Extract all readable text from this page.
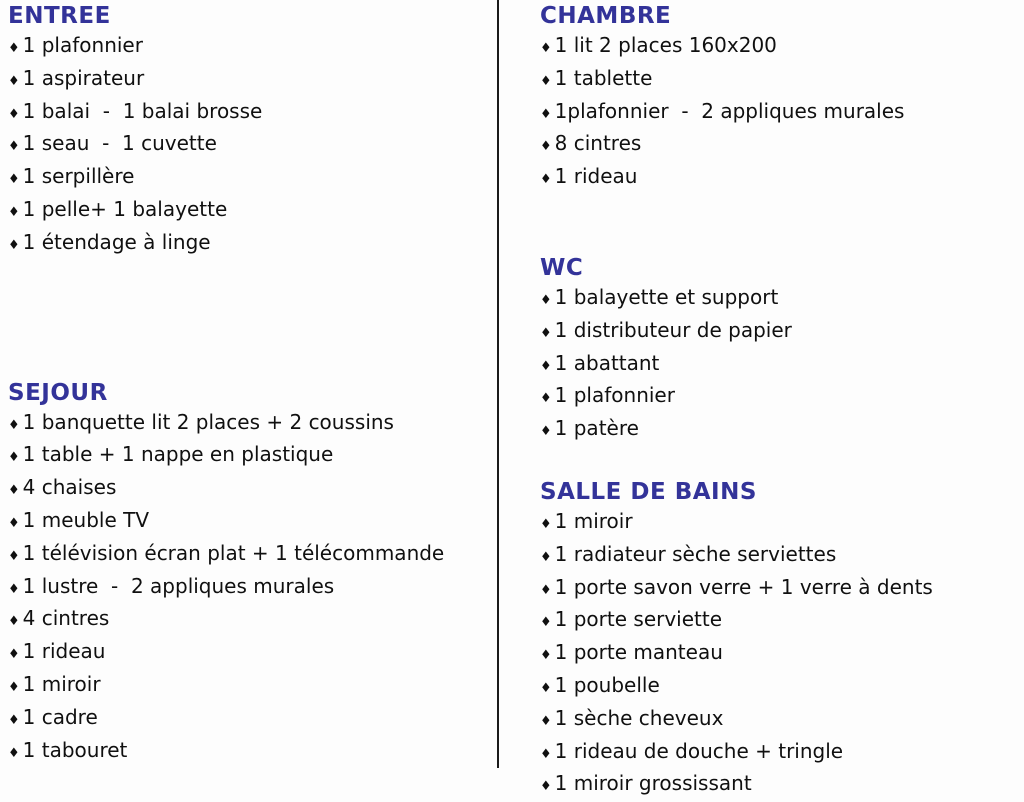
ENTREE
♦ 1 plafonnier
♦ 1 aspirateur
♦ 1 balai  -  1 balai brosse
♦ 1 seau  -  1 cuvette
♦ 1 serpillère
♦ 1 pelle+ 1 balayette
♦ 1 étendage à linge
SEJOUR
♦ 1 banquette lit 2 places + 2 coussins
♦ 1 table + 1 nappe en plastique
♦ 4 chaises
♦ 1 meuble TV
♦ 1 télévision écran plat + 1 télécommande
♦ 1 lustre  -  2 appliques murales
♦ 4 cintres
♦ 1 rideau
♦ 1 miroir
♦ 1 cadre
♦ 1 tabouret
CHAMBRE
♦ 1 lit 2 places 160x200
♦ 1 tablette
♦ 1plafonnier  -  2 appliques murales
♦ 8 cintres
♦ 1 rideau
WC
♦ 1 balayette et support
♦ 1 distributeur de papier
♦ 1 abattant
♦ 1 plafonnier
♦ 1 patère
SALLE DE BAINS
♦ 1 miroir
♦ 1 radiateur sèche serviettes
♦ 1 porte savon verre + 1 verre à dents
♦ 1 porte serviette
♦ 1 porte manteau
♦ 1 poubelle
♦ 1 sèche cheveux
♦ 1 rideau de douche + tringle
♦ 1 miroir grossissant
